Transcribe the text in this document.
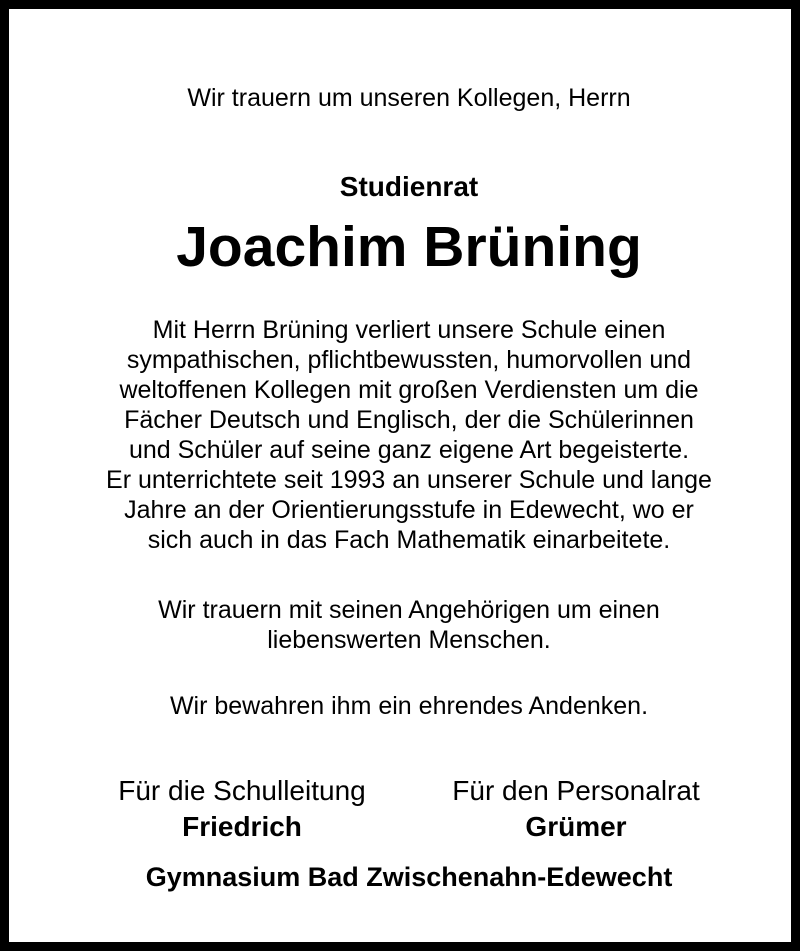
Wir trauern um unseren Kollegen, Herrn
Studienrat
Joachim Brüning
Mit Herrn Brüning verliert unsere Schule einen
sympathischen, pflichtbewussten, humorvollen und
weltoffenen Kollegen mit großen Verdiensten um die
Fächer Deutsch und Englisch, der die Schülerinnen
und Schüler auf seine ganz eigene Art begeisterte.
Er unterrichtete seit 1993 an unserer Schule und lange
Jahre an der Orientierungsstufe in Edewecht, wo er
sich auch in das Fach Mathematik einarbeitete.
Wir trauern mit seinen Angehörigen um einen
liebenswerten Menschen.
Wir bewahren ihm ein ehrendes Andenken.
Für die Schulleitung
Friedrich
Für den Personalrat
Grümer
Gymnasium Bad Zwischenahn-Edewecht
